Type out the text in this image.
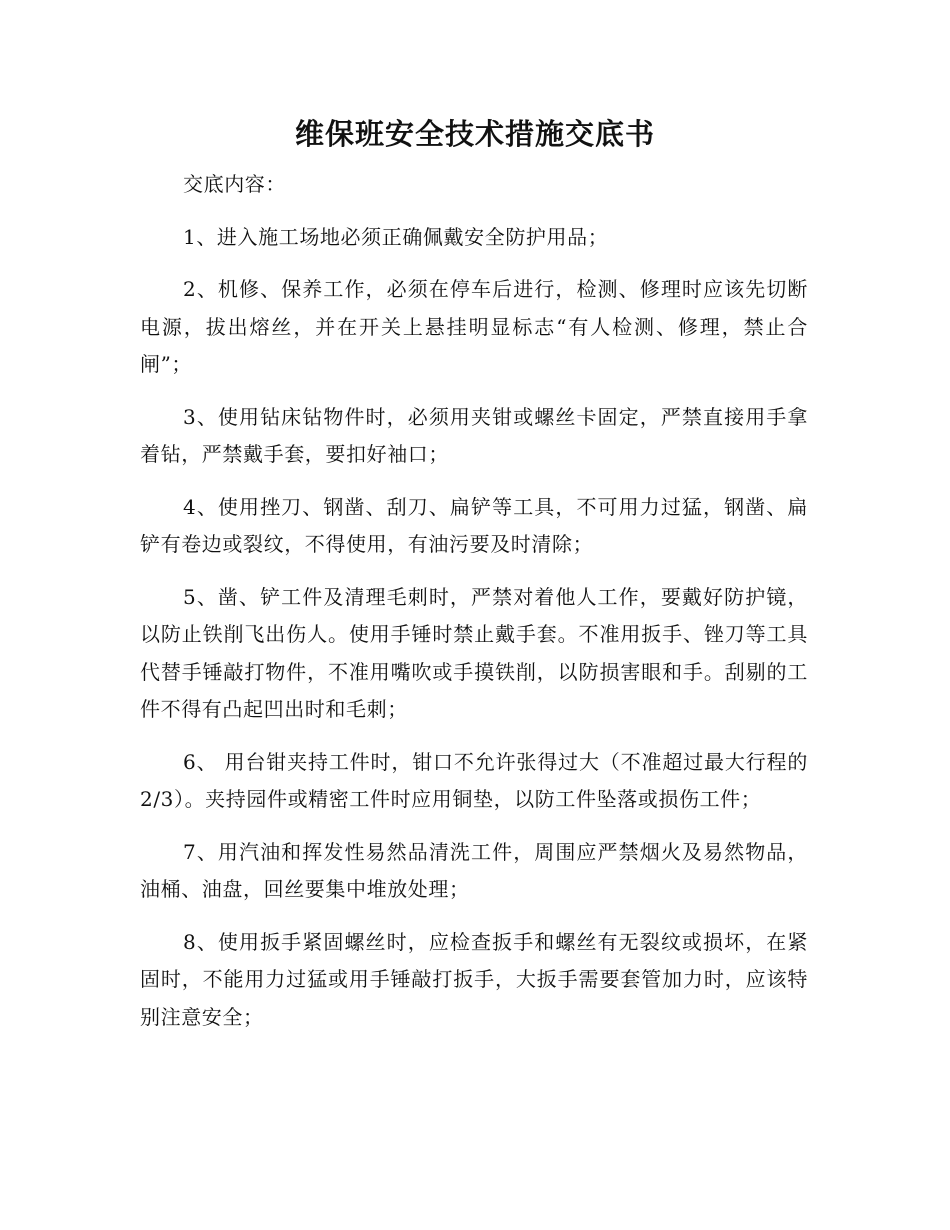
维保班安全技术措施交底书

交底内容：

1、进入施工场地必须正确佩戴安全防护用品；

2、机修、保养工作，必须在停车后进行，检测、修理时应该先切断电源，拔出熔丝，并在开关上悬挂明显标志“有人检测、修理，禁止合闸”；

3、使用钻床钻物件时，必须用夹钳或螺丝卡固定，严禁直接用手拿着钻，严禁戴手套，要扣好袖口；

4、使用挫刀、钢凿、刮刀、扁铲等工具，不可用力过猛，钢凿、扁铲有卷边或裂纹，不得使用，有油污要及时清除；

5、凿、铲工件及清理毛刺时，严禁对着他人工作，要戴好防护镜，以防止铁削飞出伤人。使用手锤时禁止戴手套。不准用扳手、锉刀等工具代替手锤敲打物件，不准用嘴吹或手摸铁削，以防损害眼和手。刮剔的工件不得有凸起凹出时和毛刺；

6、 用台钳夹持工件时，钳口不允许张得过大（不准超过最大行程的2/3）。夹持园件或精密工件时应用铜垫，以防工件坠落或损伤工件；

7、用汽油和挥发性易然品清洗工件，周围应严禁烟火及易然物品，油桶、油盘，回丝要集中堆放处理；

8、使用扳手紧固螺丝时，应检查扳手和螺丝有无裂纹或损坏，在紧固时，不能用力过猛或用手锤敲打扳手，大扳手需要套管加力时，应该特别注意安全；
